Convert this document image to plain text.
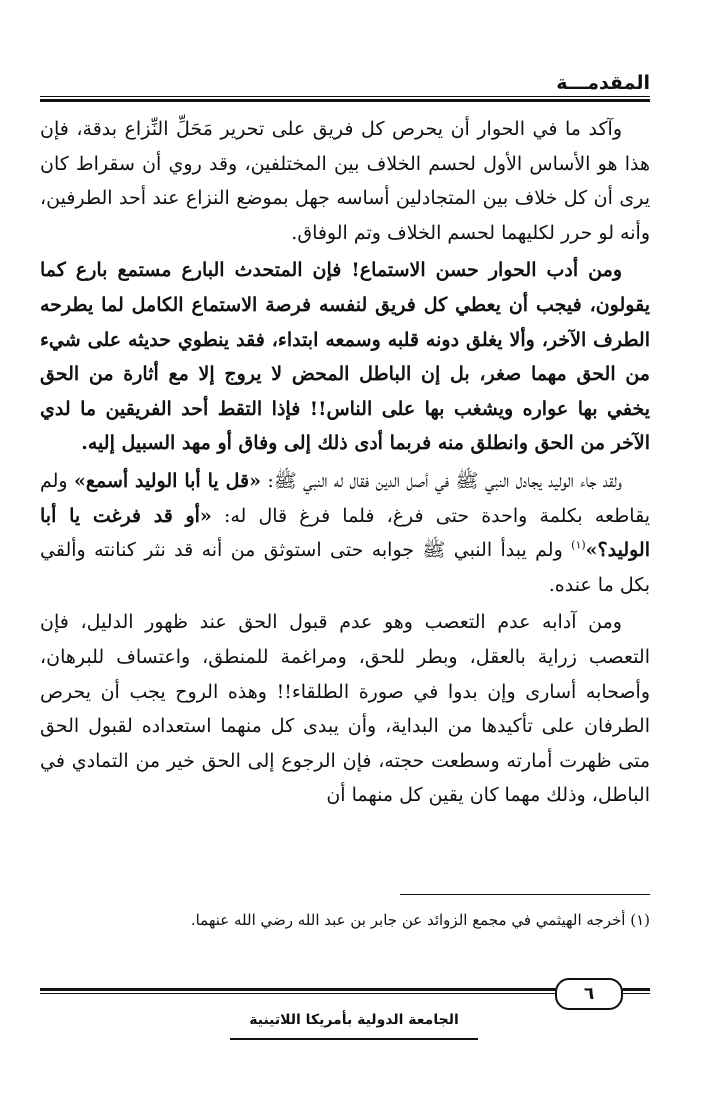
المقدمـــة

وآكد ما في الحوار أن يحرص كل فريق على تحرير مَحَلِّ النِّزاع بدقة، فإن هذا هو الأساس الأول لحسم الخلاف بين المختلفين، وقد روي أن سقراط كان يرى أن كل خلاف بين المتجادلين أساسه جهل بموضع النزاع عند أحد الطرفين، وأنه لو حرر لكليهما لحسم الخلاف وتم الوفاق.

ومن أدب الحوار حسن الاستماع! فإن المتحدث البارع مستمع بارع كما يقولون، فيجب أن يعطي كل فريق لنفسه فرصة الاستماع الكامل لما يطرحه الطرف الآخر، وألا يغلق دونه قلبه وسمعه ابتداء، فقد ينطوي حديثه على شيء من الحق مهما صغر، بل إن الباطل المحض لا يروج إلا مع أثارة من الحق يخفي بها عواره ويشغب بها على الناس!! فإذا التقط أحد الفريقين ما لدي الآخر من الحق وانطلق منه فربما أدى ذلك إلى وفاق أو مهد السبيل إليه.

ولقد جاء الوليد يجادل النبي ﷺ في أصل الدين فقال له النبي ﷺ: «قل يا أبا الوليد أسمع» ولم يقاطعه بكلمة واحدة حتى فرغ، فلما فرغ قال له: «أو قد فرغت يا أبا الوليد؟»$^{(١)}$ ولم يبدأ النبي ﷺ جوابه حتى استوثق من أنه قد نثر كنانته وألقي بكل ما عنده.

ومن آدابه عدم التعصب وهو عدم قبول الحق عند ظهور الدليل، فإن التعصب زراية بالعقل، وبطر للحق، ومراغمة للمنطق، واعتساف للبرهان، وأصحابه أسارى وإن بدوا في صورة الطلقاء!! وهذه الروح يجب أن يحرص الطرفان على تأكيدها من البداية، وأن يبدى كل منهما استعداده لقبول الحق متى ظهرت أمارته وسطعت حجته، فإن الرجوع إلى الحق خير من التمادي في الباطل، وذلك مهما كان يقين كل منهما أن

(١) أخرجه الهيثمي في مجمع الزوائد عن جابر بن عبد الله رضي الله عنهما.
٦
الجامعة الدولية بأمريكا اللاتينية
